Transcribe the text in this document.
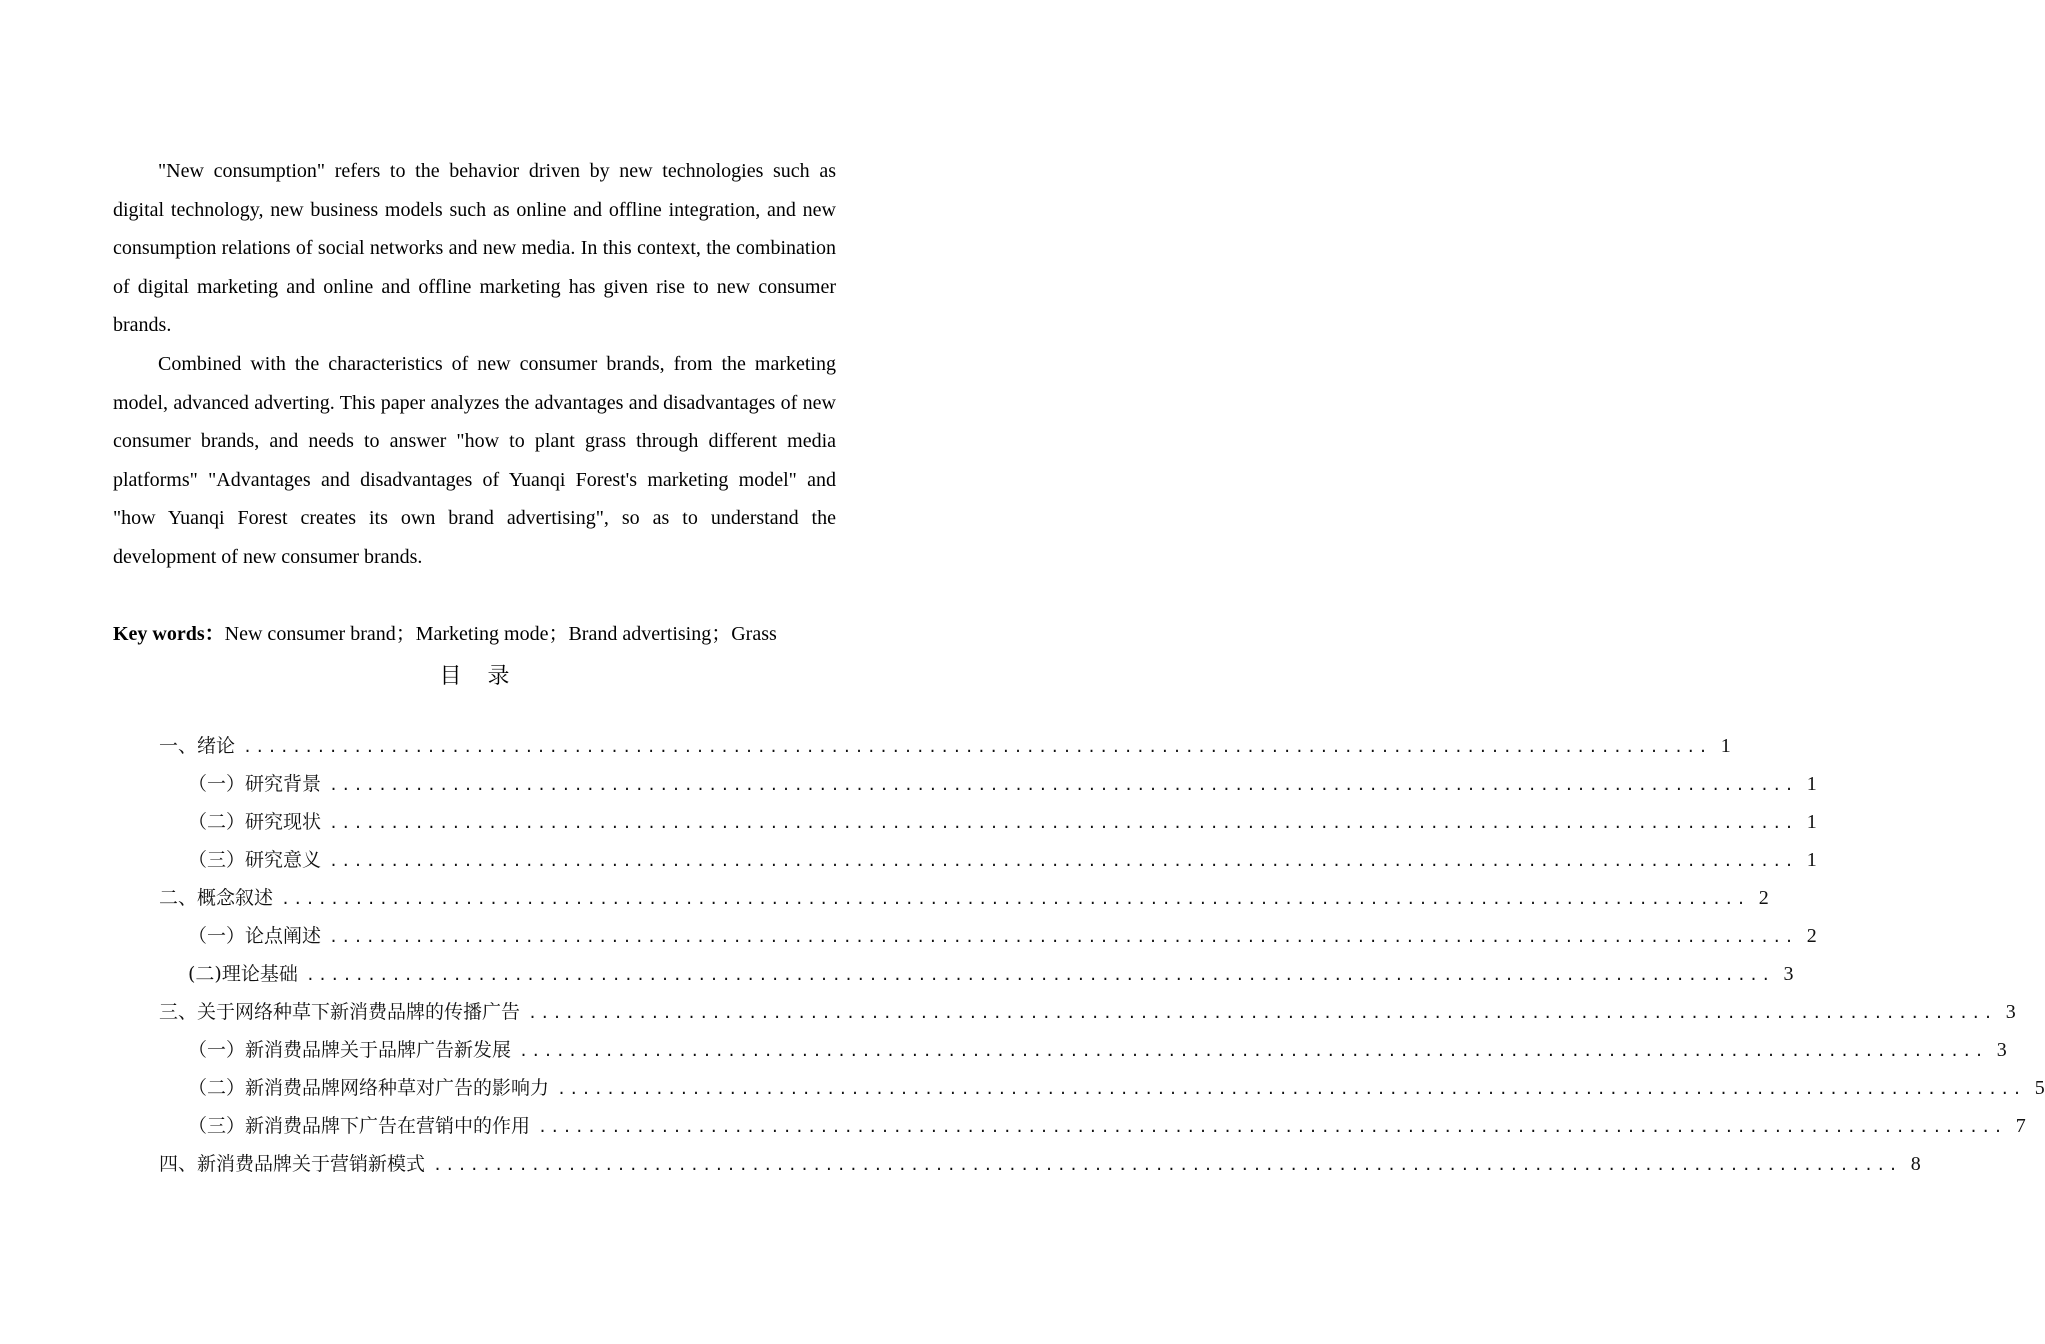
"New consumption" refers to the behavior driven by new technologies such as digital technology, new business models such as online and offline integration, and new consumption relations of social networks and new media. In this context, the combination of digital marketing and online and offline marketing has given rise to new consumer brands.

Combined with the characteristics of new consumer brands, from the marketing model, advanced adverting. This paper analyzes the advantages and disadvantages of new consumer brands, and needs to answer "how to plant grass through different media platforms" "Advantages and disadvantages of Yuanqi Forest's marketing model" and "how Yuanqi Forest creates its own brand advertising", so as to understand the development of new consumer brands.

Key words：New consumer brand；Marketing mode；Brand advertising；Grass
目录
一、绪论 ........................................................................................................................ 1
（一）研究背景 ........................................................................................................................ 1
（二）研究现状 ........................................................................................................................ 1
（三）研究意义 ........................................................................................................................ 1
二、概念叙述 ........................................................................................................................ 2
（一）论点阐述 ........................................................................................................................ 2
(二)理论基础 ........................................................................................................................ 3
三、关于网络种草下新消费品牌的传播广告 ........................................................................................................................ 3
（一）新消费品牌关于品牌广告新发展 ........................................................................................................................ 3
（二）新消费品牌网络种草对广告的影响力 ........................................................................................................................ 5
（三）新消费品牌下广告在营销中的作用 ........................................................................................................................ 7
四、新消费品牌关于营销新模式 ........................................................................................................................ 8
